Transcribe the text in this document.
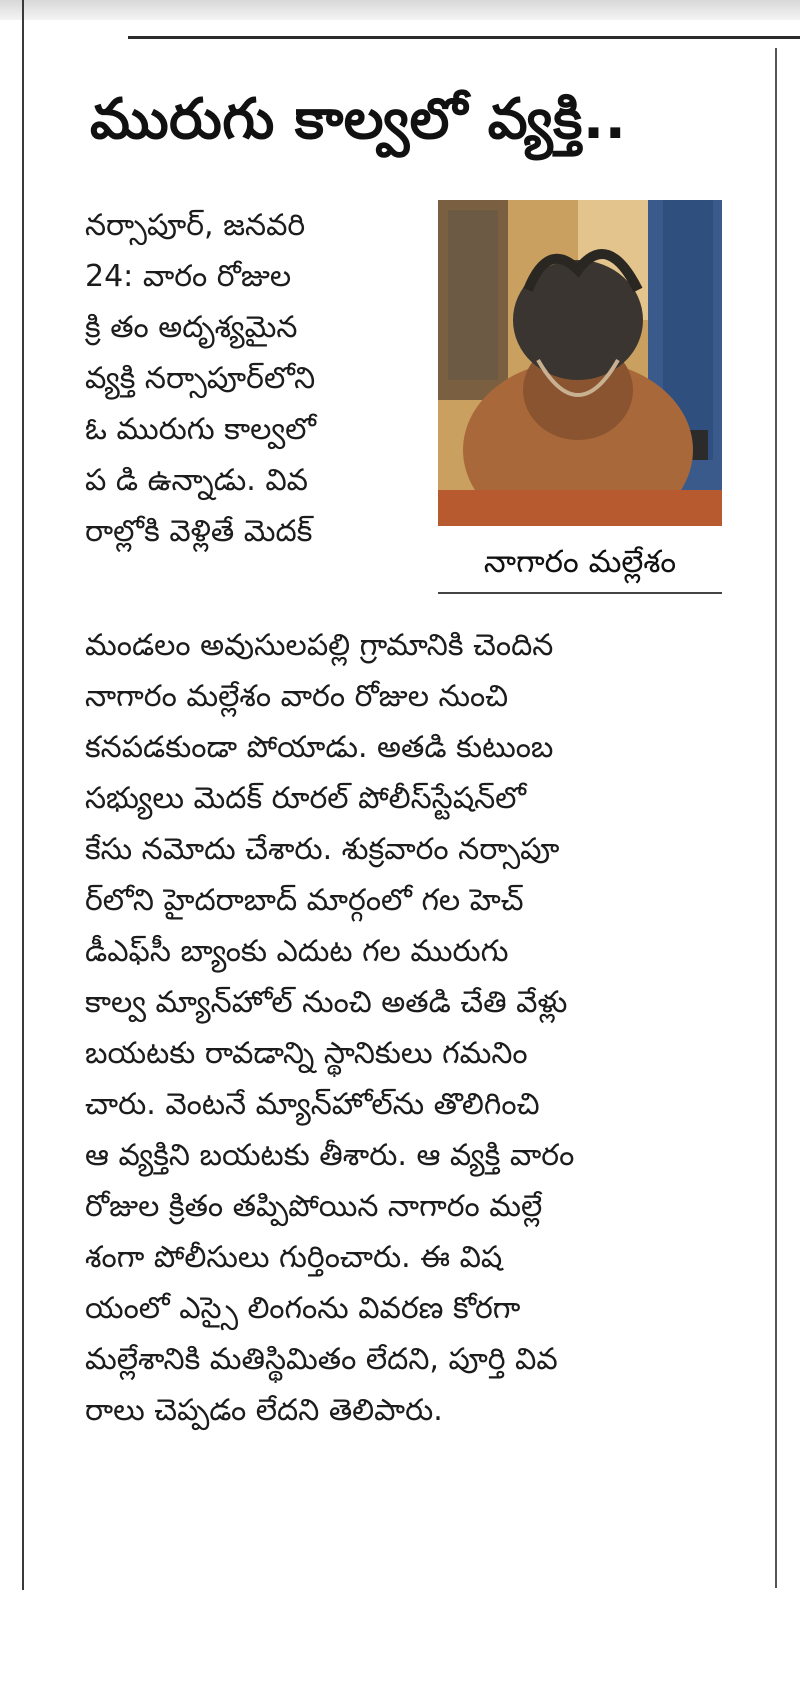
మురుగు కాల్వలో వ్యక్తి..
నాగారం మల్లేశం
నర్సాపూర్, జనవరి
24: వారం రోజుల
క్రి తం అదృశ్యమైన
వ్యక్తి నర్సాపూర్‌లోని
ఓ మురుగు కాల్వలో
ప డి ఉన్నాడు. వివ
రాల్లోకి వెళ్లితే మెదక్
మండలం అవుసులపల్లి గ్రామానికి చెందిన
నాగారం మల్లేశం వారం రోజుల నుంచి
కనపడకుండా పోయాడు. అతడి కుటుంబ
సభ్యులు మెదక్ రూరల్ పోలీస్‌స్టేషన్‌లో
కేసు నమోదు చేశారు. శుక్రవారం నర్సాపూ
ర్‌లోని హైదరాబాద్ మార్గంలో గల హెచ్
డీఎఫ్‌సీ బ్యాంకు ఎదుట గల మురుగు
కాల్వ మ్యాన్‌హోల్ నుంచి అతడి చేతి వేళ్లు
బయటకు రావడాన్ని స్థానికులు గమనిం
చారు. వెంటనే మ్యాన్‌హోల్‌ను తొలిగించి
ఆ వ్యక్తిని బయటకు తీశారు. ఆ వ్యక్తి వారం
రోజుల క్రితం తప్పిపోయిన నాగారం మల్లే
శంగా పోలీసులు గుర్తించారు. ఈ విష
యంలో ఎస్సై లింగంను వివరణ కోరగా
మల్లేశానికి మతిస్థిమితం లేదని, పూర్తి వివ
రాలు చెప్పడం లేదని తెలిపారు.
